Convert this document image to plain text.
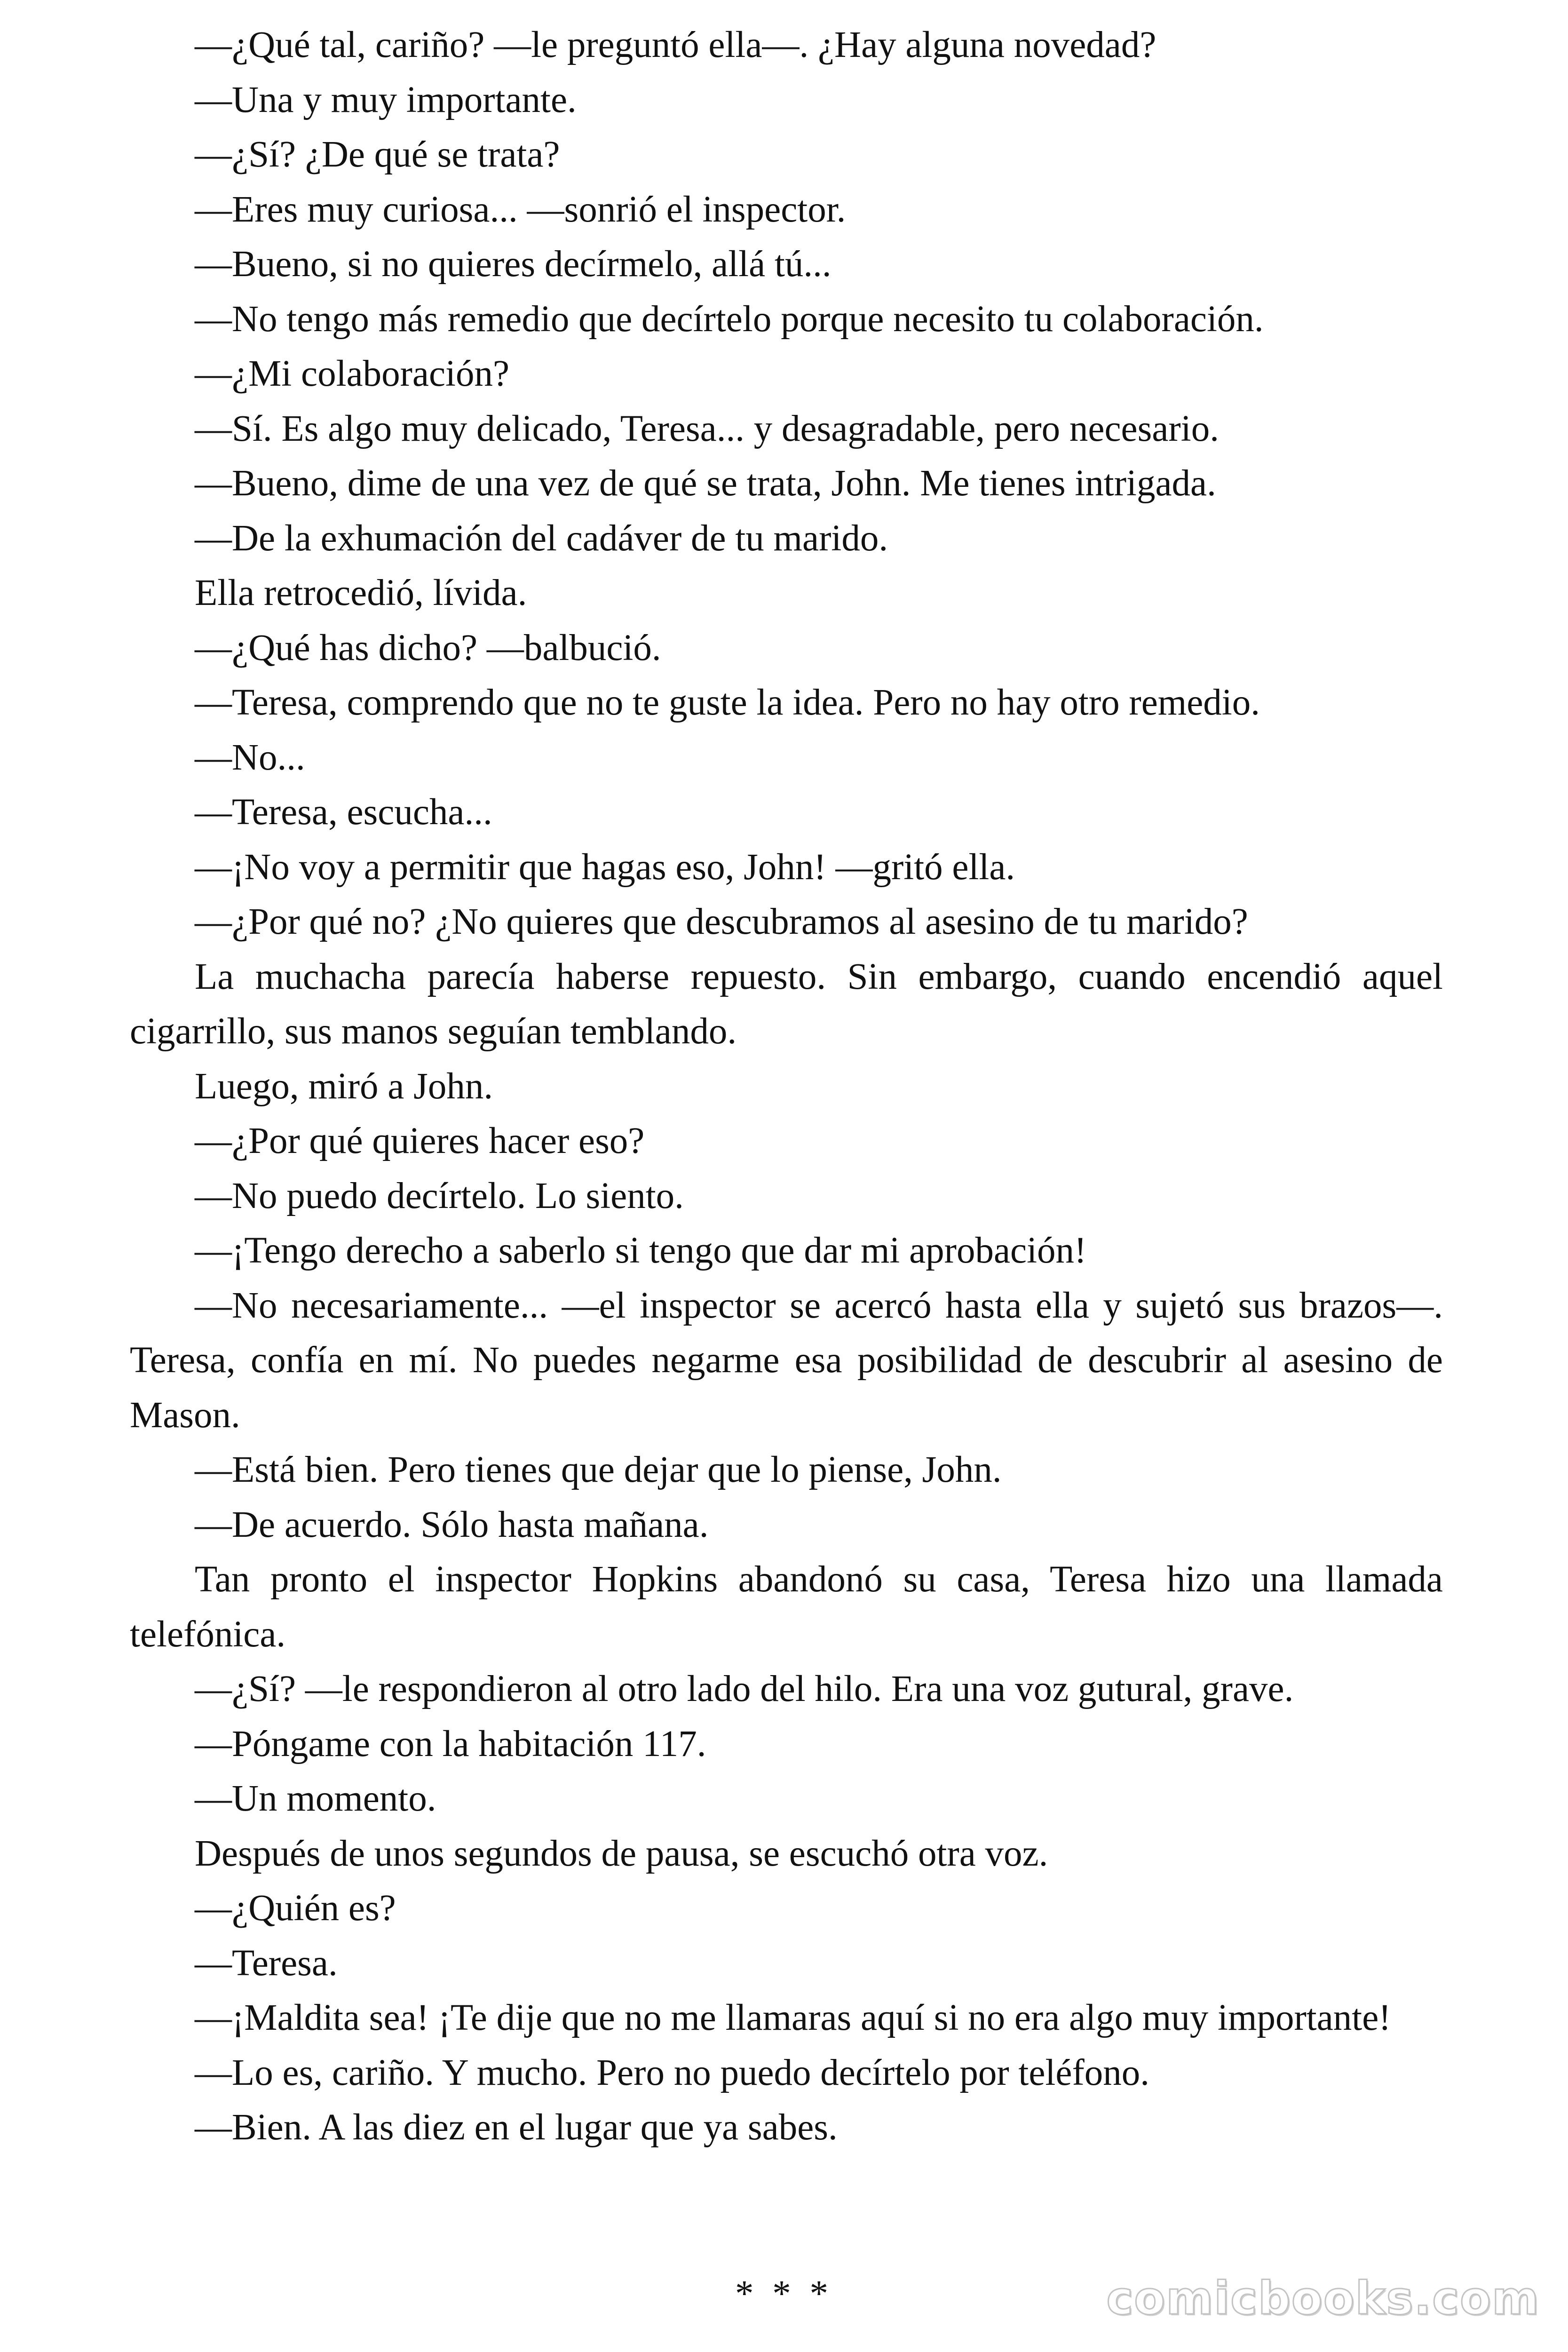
—¿Qué tal, cariño? —le preguntó ella—. ¿Hay alguna novedad?

—Una y muy importante.

—¿Sí? ¿De qué se trata?

—Eres muy curiosa... —sonrió el inspector.

—Bueno, si no quieres decírmelo, allá tú...

—No tengo más remedio que decírtelo porque necesito tu colaboración.

—¿Mi colaboración?

—Sí. Es algo muy delicado, Teresa... y desagradable, pero necesario.

—Bueno, dime de una vez de qué se trata, John. Me tienes intrigada.

—De la exhumación del cadáver de tu marido.

Ella retrocedió, lívida.

—¿Qué has dicho? —balbució.

—Teresa, comprendo que no te guste la idea. Pero no hay otro remedio.

—No...

—Teresa, escucha...

—¡No voy a permitir que hagas eso, John! —gritó ella.

—¿Por qué no? ¿No quieres que descubramos al asesino de tu marido?

La muchacha parecía haberse repuesto. Sin embargo, cuando encendió aquel cigarrillo, sus manos seguían temblando.

Luego, miró a John.

—¿Por qué quieres hacer eso?

—No puedo decírtelo. Lo siento.

—¡Tengo derecho a saberlo si tengo que dar mi aprobación!

—No necesariamente... —el inspector se acercó hasta ella y sujetó sus brazos—. Teresa, confía en mí. No puedes negarme esa posibilidad de descubrir al asesino de Mason.

—Está bien. Pero tienes que dejar que lo piense, John.

—De acuerdo. Sólo hasta mañana.

Tan pronto el inspector Hopkins abandonó su casa, Teresa hizo una llamada telefónica.

—¿Sí? —le respondieron al otro lado del hilo. Era una voz gutural, grave.

—Póngame con la habitación 117.

—Un momento.

Después de unos segundos de pausa, se escuchó otra voz.

—¿Quién es?

—Teresa.

—¡Maldita sea! ¡Te dije que no me llamaras aquí si no era algo muy importante!

—Lo es, cariño. Y mucho. Pero no puedo decírtelo por teléfono.

—Bien. A las diez en el lugar que ya sabes.

* * *	comicbooks.com
